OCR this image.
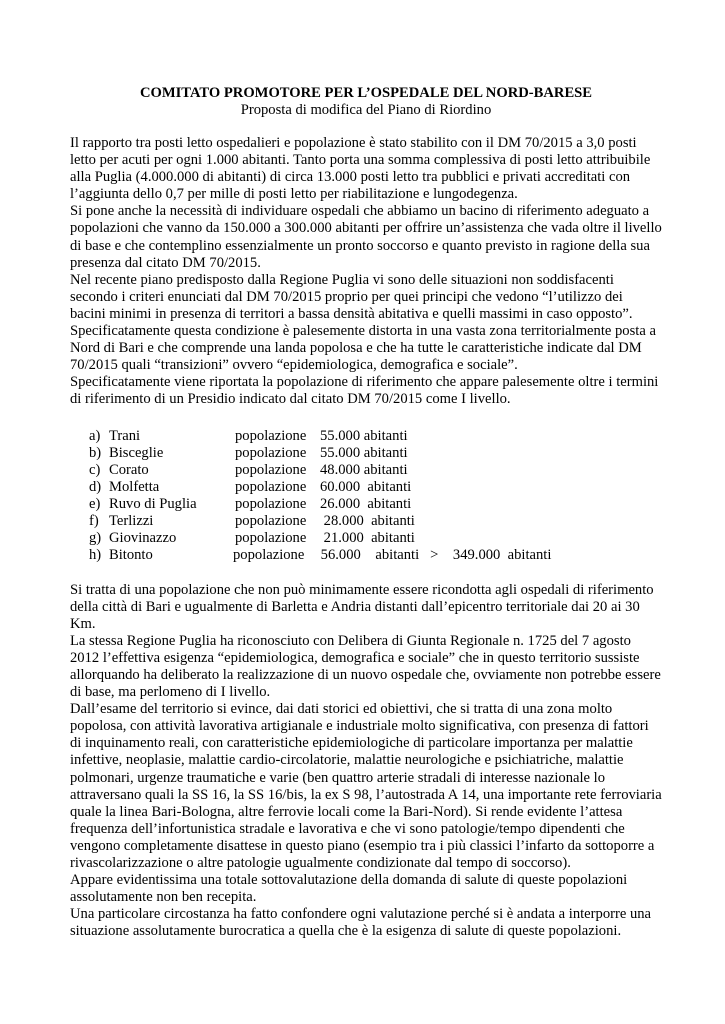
COMITATO PROMOTORE PER L’OSPEDALE DEL NORD-BARESE

Proposta di modifica del Piano di Riordino

Il rapporto tra posti letto ospedalieri e popolazione è stato stabilito con il DM 70/2015 a 3,0 posti letto per acuti per ogni 1.000 abitanti. Tanto porta una somma complessiva di posti letto attribuibile alla Puglia (4.000.000 di abitanti) di circa 13.000 posti letto tra pubblici e privati accreditati con l’aggiunta dello 0,7 per mille di posti letto per riabilitazione e lungodegenza.

Si pone anche la necessità di individuare ospedali che abbiamo un bacino di riferimento adeguato a popolazioni che vanno da 150.000 a 300.000 abitanti per offrire un’assistenza che vada oltre il livello di base e che contemplino essenzialmente un pronto soccorso e quanto previsto in ragione della sua presenza dal citato DM 70/2015.

Nel recente piano predisposto dalla Regione Puglia vi sono delle situazioni non soddisfacenti secondo i criteri enunciati dal DM 70/2015 proprio per quei principi che vedono “l’utilizzo dei bacini minimi in presenza di territori a bassa densità abitativa e quelli massimi in caso opposto”.

Specificatamente questa condizione è palesemente distorta in una vasta zona territorialmente posta a Nord di Bari e che comprende una landa popolosa e che ha tutte le caratteristiche indicate dal DM 70/2015 quali “transizioni” ovvero “epidemiologica, demografica e sociale”.

Specificatamente viene riportata la popolazione di riferimento che appare palesemente oltre i termini di riferimento di un Presidio indicato dal citato DM 70/2015 come I livello.

a) Trani	popolazione 55.000 abitanti
b) Bisceglie	popolazione 55.000 abitanti
c) Corato	popolazione 48.000 abitanti
d) Molfetta	popolazione 60.000  abitanti
e) Ruvo di Puglia	popolazione 26.000  abitanti
f) Terlizzi	popolazione 28.000  abitanti
g) Giovinazzo	popolazione 21.000  abitanti
h) Bitonto	popolazione 56.000    abitanti   >    349.000  abitanti

Si tratta di una popolazione che non può minimamente essere ricondotta agli ospedali di riferimento della città di Bari e ugualmente di Barletta e Andria distanti dall’epicentro territoriale dai 20 ai 30 Km.

La stessa Regione Puglia ha riconosciuto con Delibera di Giunta Regionale n. 1725 del 7 agosto 2012 l’effettiva esigenza “epidemiologica, demografica e sociale” che in questo territorio sussiste allorquando ha deliberato la realizzazione di un nuovo ospedale che, ovviamente non potrebbe essere di base, ma perlomeno di I livello.

Dall’esame del territorio si evince, dai dati storici ed obiettivi, che si tratta di una zona molto popolosa, con attività lavorativa artigianale e industriale molto significativa, con presenza di fattori di inquinamento reali, con caratteristiche epidemiologiche di particolare importanza per malattie infettive, neoplasie, malattie cardio-circolatorie, malattie neurologiche e psichiatriche, malattie polmonari, urgenze traumatiche e varie (ben quattro arterie stradali di interesse nazionale lo attraversano quali la SS 16, la SS 16/bis, la ex S 98, l’autostrada A 14, una importante rete ferroviaria quale la linea Bari-Bologna, altre ferrovie locali come la Bari-Nord). Si rende evidente l’attesa frequenza dell’infortunistica stradale e lavorativa e che vi sono patologie/tempo dipendenti che vengono completamente disattese in questo piano (esempio tra i più classici l’infarto da sottoporre a rivascolarizzazione o altre patologie ugualmente condizionate dal tempo di soccorso).

Appare evidentissima una totale sottovalutazione della domanda di salute di queste popolazioni assolutamente non ben recepita.

Una particolare circostanza ha fatto confondere ogni valutazione perché si è andata a interporre una situazione assolutamente burocratica a quella che è la esigenza di salute di queste popolazioni.
